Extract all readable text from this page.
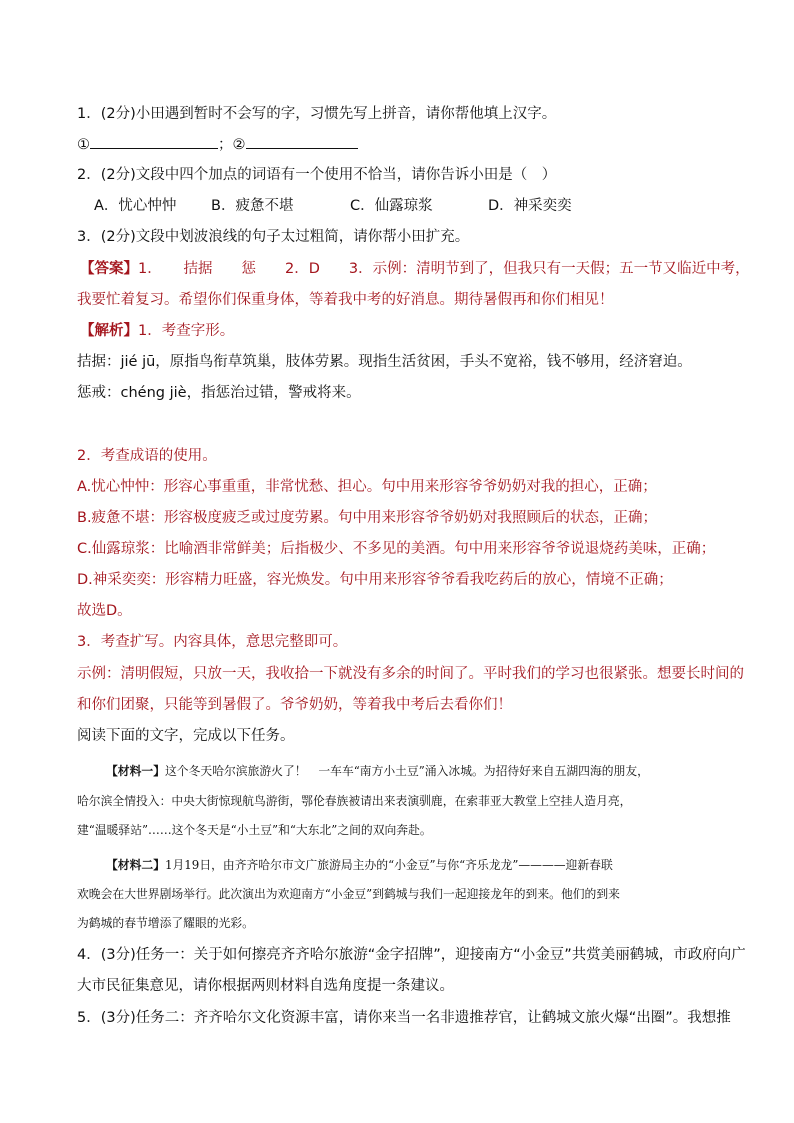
1．(2分)小田遇到暂时不会写的字，习惯先写上拼音，请你帮他填上汉字。
①	；②
2．(2分)文段中四个加点的词语有一个使用不恰当，请你告诉小田是（　）
A．忧心忡忡 B．疲惫不堪	C．仙露琼浆	D．神采奕奕
3．(2分)文段中划波浪线的句子太过粗简，请你帮小田扩充。
【答案】1．　　拮据　　惩　　2．D　　3．示例：清明节到了，但我只有一天假；五一节又临近中考，
我要忙着复习。希望你们保重身体，等着我中考的好消息。期待暑假再和你们相见！
【解析】1．考查字形。
拮据：jié jū，原指鸟衔草筑巢，肢体劳累。现指生活贫困，手头不宽裕，钱不够用，经济窘迫。
惩戒：chéng jiè，指惩治过错，警戒将来。
2．考查成语的使用。
A.忧心忡忡：形容心事重重，非常忧愁、担心。句中用来形容爷爷奶奶对我的担心，正确；
B.疲惫不堪：形容极度疲乏或过度劳累。句中用来形容爷爷奶奶对我照顾后的状态，正确；
C.仙露琼浆：比喻酒非常鲜美；后指极少、不多见的美酒。句中用来形容爷爷说退烧药美味，正确；
D.神采奕奕：形容精力旺盛，容光焕发。句中用来形容爷爷看我吃药后的放心，情境不正确；
故选D。
3．考查扩写。内容具体，意思完整即可。
示例：清明假短，只放一天，我收拾一下就没有多余的时间了。平时我们的学习也很紧张。想要长时间的
和你们团聚，只能等到暑假了。爷爷奶奶，等着我中考后去看你们！
阅读下面的文字，完成以下任务。
【材料一】这个冬天哈尔滨旅游火了！　一车车“南方小土豆”涌入冰城。为招待好来自五湖四海的朋友，
哈尔滨全情投入：中央大街惊现航鸟游街，鄂伦春族被请出来表演驯鹿，在索菲亚大教堂上空挂人造月亮，
建“温暖驿站”……这个冬天是“小土豆”和“大东北”之间的双向奔赴。
【材料二】1月19日，由齐齐哈尔市文广旅游局主办的“小金豆”与你“齐乐龙龙”————迎新春联
欢晚会在大世界剧场举行。此次演出为欢迎南方“小金豆”到鹤城与我们一起迎接龙年的到来。他们的到来
为鹤城的春节增添了耀眼的光彩。
4．(3分)任务一：关于如何擦亮齐齐哈尔旅游“金字招牌”，迎接南方“小金豆”共赏美丽鹤城，市政府向广
大市民征集意见，请你根据两则材料自选角度提一条建议。
5．(3分)任务二：齐齐哈尔文化资源丰富，请你来当一名非遗推荐官，让鹤城文旅火爆“出圈”。我想推
